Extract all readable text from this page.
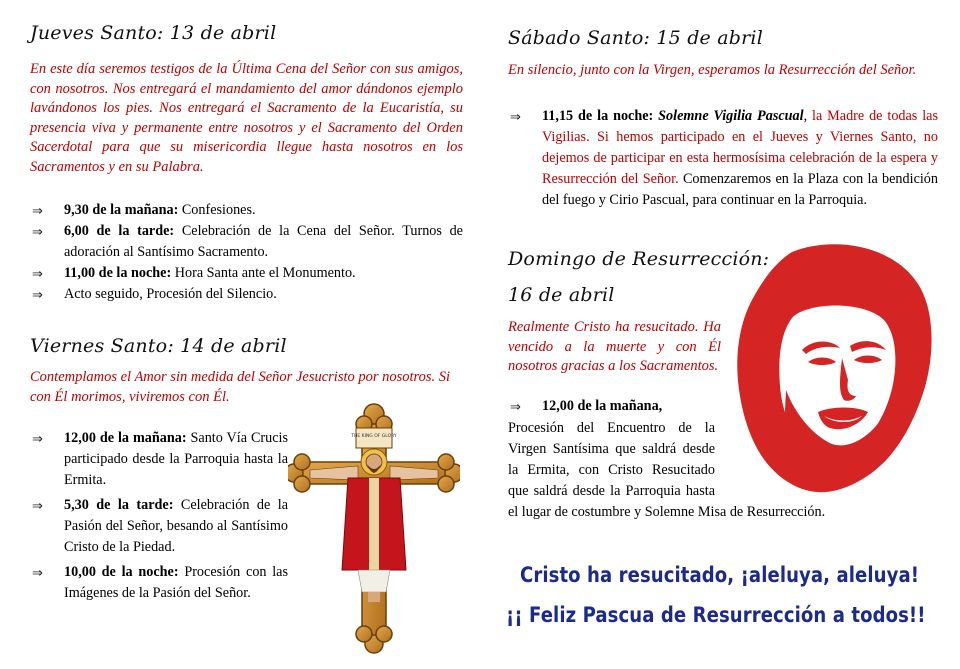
Jueves Santo: 13 de abril
En este día seremos testigos de la Última Cena del Señor con sus amigos, con nosotros. Nos entregará el mandamiento del amor dándonos ejemplo lavándonos los pies. Nos entregará el Sacramento de la Eucaristía, su presencia viva y permanente entre nosotros y el Sacramento del Orden Sacerdotal para que su misericordia llegue hasta nosotros en los Sacramentos y en su Palabra.
⇒ 9,30 de la mañana: Confesiones.
⇒ 6,00 de la tarde: Celebración de la Cena del Señor. Turnos de adoración al Santísimo Sacramento.
⇒ 11,00 de la noche: Hora Santa ante el Monumento.
⇒ Acto seguido, Procesión del Silencio.
Viernes Santo: 14 de abril
Contemplamos el Amor sin medida del Señor Jesucristo por nosotros. Si con Él morimos, viviremos con Él.
⇒ 12,00 de la mañana: Santo Vía Crucis participado desde la Parroquia hasta la Ermita.
⇒ 5,30 de la tarde: Celebración de la Pasión del Señor, besando al Santísimo Cristo de la Piedad.
⇒ 10,00 de la noche: Procesión con las Imágenes de la Pasión del Señor.
THE KING OF GLORY
Sábado Santo: 15 de abril
En silencio, junto con la Virgen, esperamos la Resurrección del Señor.
⇒ 11,15 de la noche: Solemne Vigilia Pascual, la Madre de todas las Vigilias. Si hemos participado en el Jueves y Viernes Santo, no dejemos de participar en esta hermosísima celebración de la espera y Resurrección del Señor. Comenzaremos en la Plaza con la bendición del fuego y Cirio Pascual, para continuar en la Parroquia.
Domingo de Resurrección:
16 de abril
Realmente Cristo ha resucitado. Ha vencido a la muerte y con Él nosotros gracias a los Sacramentos.
⇒ 12,00 de la mañana,
Procesión del Encuentro de la Virgen Santísima que saldrá desde la Ermita, con Cristo Resucitado que saldrá desde la Parroquia hasta el lugar de costumbre y Solemne Misa de Resurrección.
Cristo ha resucitado, ¡aleluya, aleluya!
¡¡ Feliz Pascua de Resurrección a todos!!
